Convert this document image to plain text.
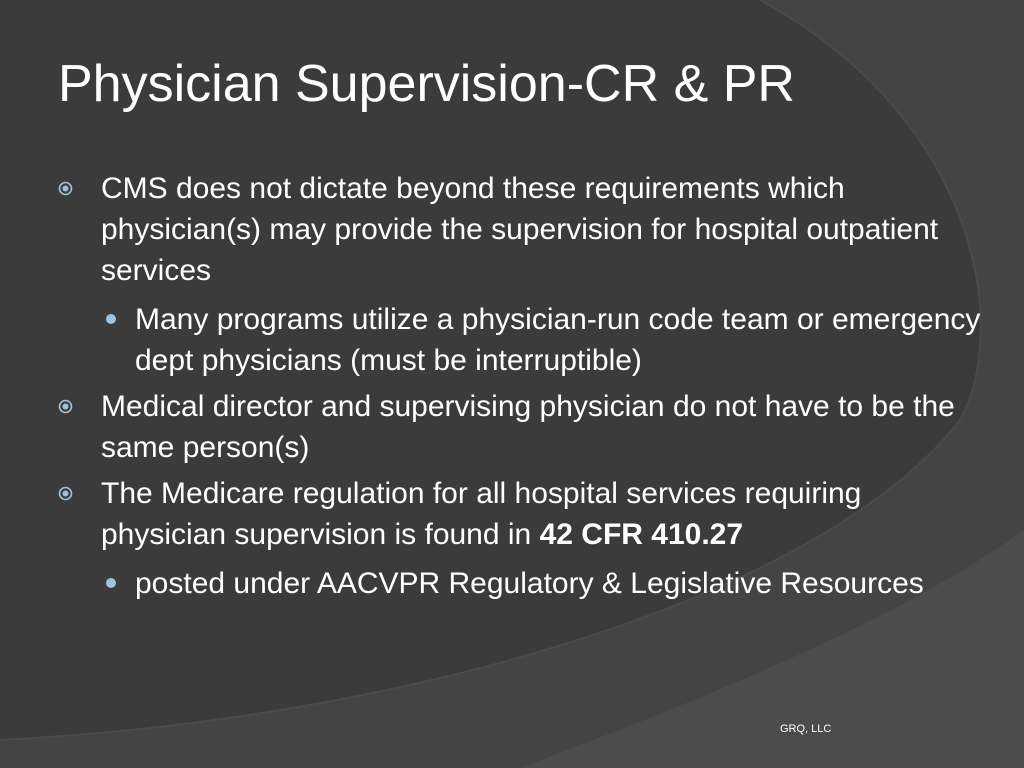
Physician Supervision-CR & PR
CMS does not dictate beyond these requirements which physician(s) may provide the supervision for hospital outpatient services
Many programs utilize a physician-run code team or emergency dept physicians (must be interruptible)
Medical director and supervising physician do not have to be the same person(s)
The Medicare regulation for all hospital services requiring physician supervision is found in 42 CFR 410.27
posted under AACVPR Regulatory & Legislative Resources
GRQ, LLC
